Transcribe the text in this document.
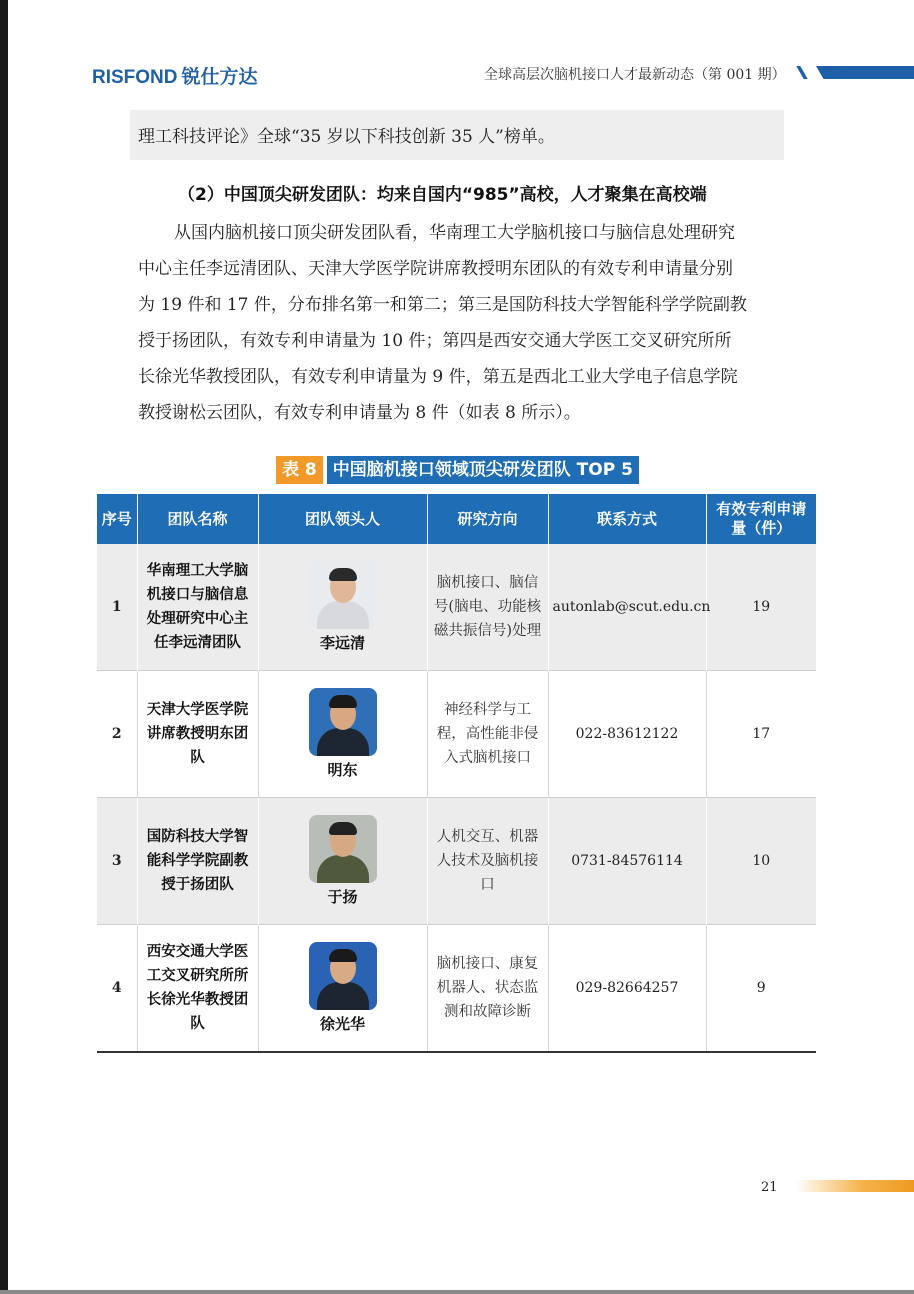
RISFOND 锐仕方达	全球高层次脑机接口人才最新动态（第 001 期）
理工科技评论》全球“35 岁以下科技创新 35 人”榜单。
（2）中国顶尖研发团队：均来自国内“985”高校，人才聚集在高校端
从国内脑机接口顶尖研发团队看，华南理工大学脑机接口与脑信息处理研究
中心主任李远清团队、天津大学医学院讲席教授明东团队的有效专利申请量分别
为 19 件和 17 件，分布排名第一和第二；第三是国防科技大学智能科学学院副教
授于扬团队，有效专利申请量为 10 件；第四是西安交通大学医工交叉研究所所
长徐光华教授团队，有效专利申请量为 9 件，第五是西北工业大学电子信息学院
教授谢松云团队，有效专利申请量为 8 件（如表 8 所示）。
表 8 中国脑机接口领域顶尖研发团队 TOP 5
序号	团队名称	团队领头人	研究方向	联系方式	有效专利申请量（件）
1	华南理工大学脑机接口与脑信息处理研究中心主任李远清团队	李远清	脑机接口、脑信号(脑电、功能核磁共振信号)处理	autonlab@scut.edu.cn	19
2	天津大学医学院讲席教授明东团队	明东	神经科学与工程，高性能非侵入式脑机接口	022-83612122	17
3	国防科技大学智能科学学院副教授于扬团队	于扬	人机交互、机器人技术及脑机接口	0731-84576114	10
4	西安交通大学医工交叉研究所所长徐光华教授团队	徐光华	脑机接口、康复机器人、状态监测和故障诊断	029-82664257	9
21
